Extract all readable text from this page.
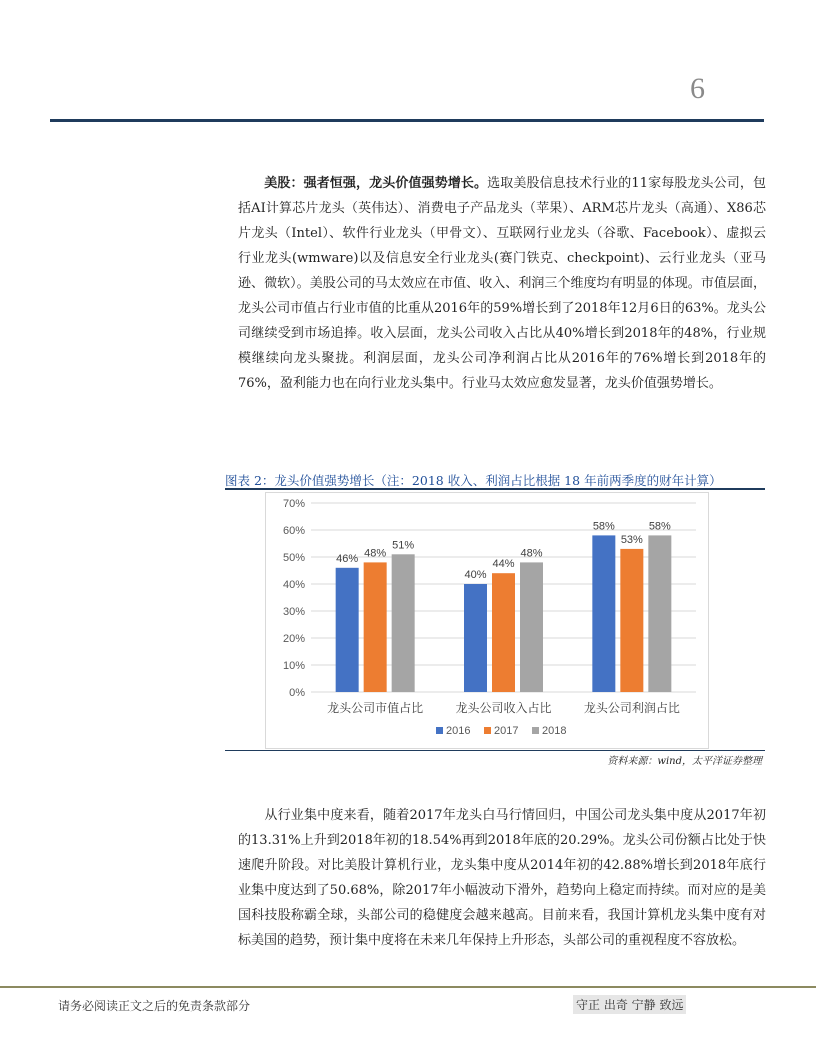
6

　　美股：强者恒强，龙头价值强势增长。选取美股信息技术行业的11家每股龙头公司，包括AI计算芯片龙头（英伟达）、消费电子产品龙头（苹果）、ARM芯片龙头（高通）、X86芯片龙头（Intel）、软件行业龙头（甲骨文）、互联网行业龙头（谷歌、Facebook）、虚拟云行业龙头(wmware)以及信息安全行业龙头(赛门铁克、checkpoint)、云行业龙头（亚马逊、微软）。美股公司的马太效应在市值、收入、利润三个维度均有明显的体现。市值层面，龙头公司市值占行业市值的比重从2016年的59%增长到了2018年12月6日的63%。龙头公司继续受到市场追捧。收入层面，龙头公司收入占比从40%增长到2018年的48%，行业规模继续向龙头聚拢。利润层面，龙头公司净利润占比从2016年的76%增长到2018年的76%，盈利能力也在向行业龙头集中。行业马太效应愈发显著，龙头价值强势增长。

图表 2：龙头价值强势增长（注：2018 收入、利润占比根据 18 年前两季度的财年计算）
0%
10%
20%
30%
40%
50%
60%
70%
46% 48%
51%
龙头公司市值占比
40%
44%
48%
龙头公司收入占比
58%
53%
58%
龙头公司利润占比
2016 2017 2018
资料来源：wind，太平洋证券整理

　　从行业集中度来看，随着2017年龙头白马行情回归，中国公司龙头集中度从2017年初的13.31%上升到2018年初的18.54%再到2018年底的20.29%。龙头公司份额占比处于快速爬升阶段。对比美股计算机行业，龙头集中度从2014年初的42.88%增长到2018年底行业集中度达到了50.68%，除2017年小幅波动下滑外，趋势向上稳定而持续。而对应的是美国科技股称霸全球，头部公司的稳健度会越来越高。目前来看，我国计算机龙头集中度有对标美国的趋势，预计集中度将在未来几年保持上升形态，头部公司的重视程度不容放松。

请务必阅读正文之后的免责条款部分	守正 出奇 宁静 致远
